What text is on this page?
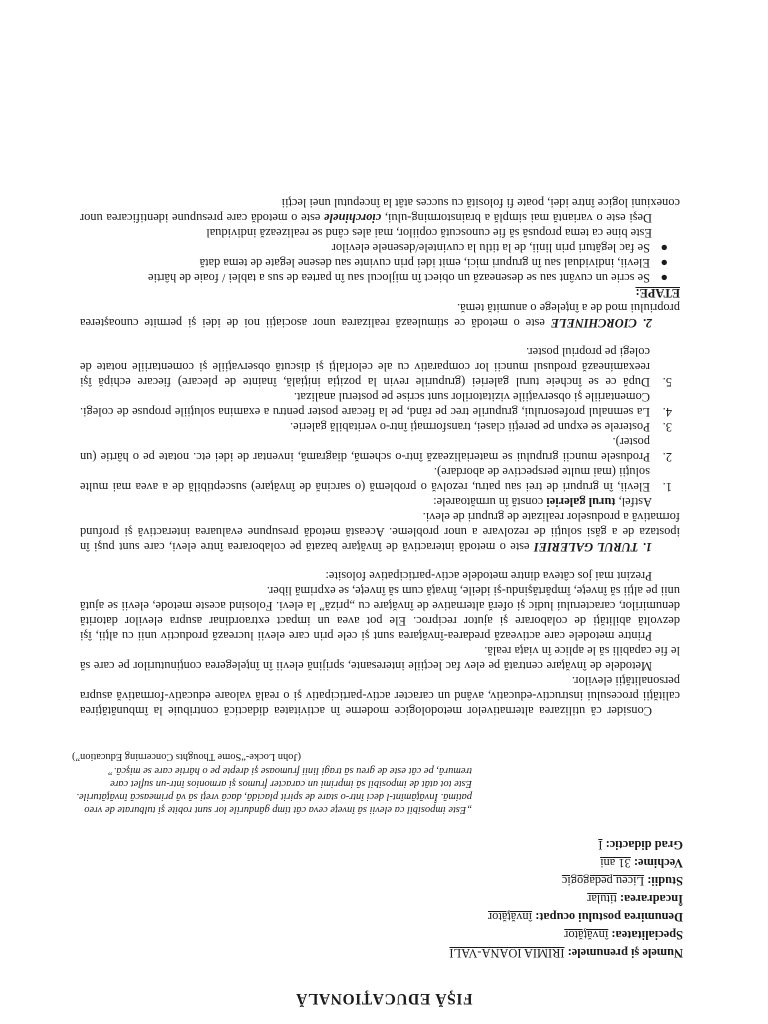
FIŞĂ EDUCAŢIONALĂ

Numele şi prenumele: IRIMIA IOANA-VALI

Specialitatea: învăţător

Denumirea postului ocupat: învăţător

Încadrarea: titular

Studii: Liceu pedagogic

Vechime: 31 ani

Grad didactic: I

„Este imposibil ca elevii să înveţe ceva cât timp gândurile lor sunt robite şi tulburate de vreo patimă. Învăţămînt-l deci într-o stare de spirit placidă, dacă vreţi să vă primească învăţăturile. Este tot atât de imposibil să imprimi un caracter frumos şi armonios într-un suflet care tremură, pe cât este de greu să tragi linii frumoase şi drepte pe o hârtie care se mişcă.”

(John Locke-“Some Thoughts Concerning Education”)

Consider că utilizarea alternativelor metodologice moderne în activitatea didactică contribuie la îmbunătăţirea calităţii procesului instructiv-educativ, având un caracter activ-participativ şi o reală valoare educativ-formativă asupra personalităţii elevilor.

Metodele de învăţare centrată pe elev fac lecţiile interesante, sprijină elevii în înţelegerea conţinuturilor pe care să le fie capabili să le aplice în viaţa reală.

Printre metodele care activează predarea-învăţarea sunt şi cele prin care elevii lucrează productiv unii cu alţii, îşi dezvoltă abilităţi de colaborare şi ajutor reciproc. Ele pot avea un impact extraordinar asupra elevilor datorită denumirilor, caracterului ludic şi oferă alternative de învăţare cu „priză” la elevi. Folosind aceste metode, elevii se ajută unii pe alţii să înveţe, împărtăşindu-şi ideile, învaţă cum să înveţe, se exprimă liber.

Prezint mai jos câteva dintre metodele activ-participative folosite:

1. TURUL GALERIEI este o metodă interactivă de învăţare bazată pe colaborarea între elevi, care sunt puşi în ipostaza de a găsi soluţii de rezolvare a unor probleme. Această metodă presupune evaluarea interactivă şi profund formativă a produselor realizate de grupuri de elevi.

Astfel, turul galeriei constă în următoarele:

1.
Elevii, în grupuri de trei sau patru, rezolvă o problemă (o sarcină de învăţare) susceptibilă de a avea mai multe soluţii (mai multe perspective de abordare).
2.
Produsele muncii grupului se materializează într-o schemă, diagramă, inventar de idei etc. notate pe o hârtie (un poster).
3.
Posterele se expun pe pereţii clasei, transformaţi într-o veritabilă galerie.
4.
La semnalul profesorului, grupurile trec pe rând, pe la fiecare poster pentru a examina soluţiile propuse de colegi. Comentariile şi observaţiile vizitatorilor sunt scrise pe posterul analizat.
5.
După ce se încheie turul galeriei (grupurile revin la poziţia iniţială, înainte de plecare) fiecare echipă îşi reexaminează produsul muncii lor comparativ cu ale celorlalţi şi discută observaţiile şi comentariile notate de colegi pe propriul poster.

2. CIORCHINELE este o metodă ce stimulează realizarea unor asociaţii noi de idei şi permite cunoaşterea propriului mod de a înţelege o anumită temă.

ETAPE:

●
Se scrie un cuvânt sau se desenează un obiect în mijlocul sau în partea de sus a tablei / foaie de hârtie
●
Elevii, individual sau în grupuri mici, emit idei prin cuvinte sau desene legate de tema dată
●
Se fac legături prin linii, de la titlu la cuvintele/desenele elevilor

Este bine ca tema propusă să fie cunoscută copiilor, mai ales când se realizează individual

Deşi este o variantă mai simplă a brainstorming-ului, ciorchinele este o metodă care presupune identificarea unor conexiuni logice între idei, poate fi folosită cu succes atât la începutul unei lecţii
